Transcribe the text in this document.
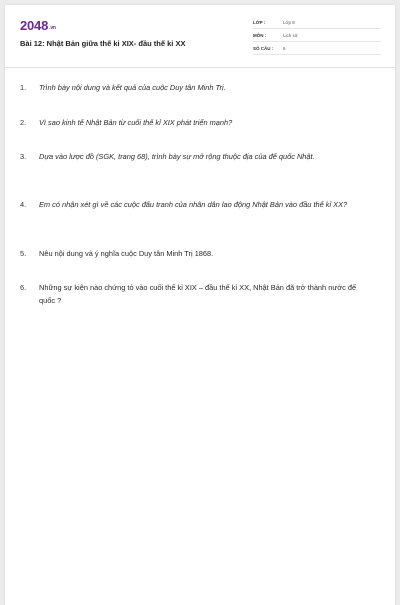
2048.vn
Bài 12: Nhật Bản giữa thế kỉ XIX- đầu thế kỉ XX
LỚP :	Lớp 8
MÔN :	Lịch sử
SỐ CÂU : 6
1. Trình bày nội dung và kết quả của cuộc Duy tân Minh Trị.
2. Vì sao kinh tế Nhật Bản từ cuối thế kỉ XIX phát triển mạnh?
3. Dựa vào lược đồ (SGK, trang 68), trình bày sự mở rộng thuộc địa của đế quốc Nhật.
4. Em có nhận xét gì về các cuộc đấu tranh của nhân dân lao động Nhật Bản vào đầu thế kỉ XX?
5. Nêu nội dung và ý nghĩa cuộc Duy tân Minh Trị 1868.
6. Những sự kiện nào chứng tỏ vào cuối thế kỉ XIX – đầu thế kỉ XX, Nhật Bản đã trở thành nước đế quốc ?
